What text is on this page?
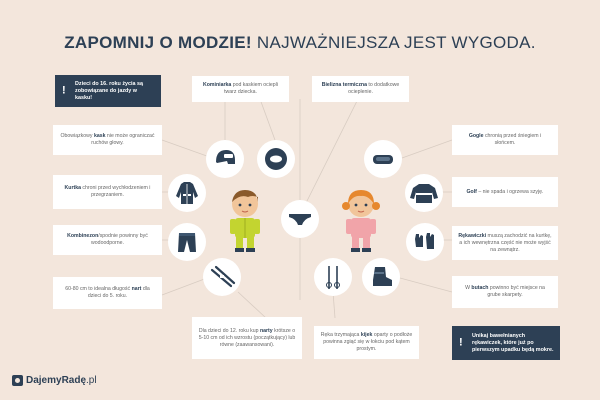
ZAPOMNIJ O MODZIE! NAJWAŻNIEJSZA JEST WYGODA.
!
Dzieci do 16. roku życia są zobowiązane do jazdy w kasku!
Obowiązkowy kask nie może ograniczać ruchów głowy.
Kurtka chroni przed wychłodzeniem i przegrzaniem.
Kombinezon/spodnie powinny być wodoodporne.
60-80 cm to idealna długość nart dla dzieci do 5. roku.
Kominiarka pod kaskiem ociepli twarz dziecka.
Bielizna termiczna to dodatkowe ocieplenie.
Dla dzieci do 12. roku kup narty krótsze o 5-10 cm od ich wzrostu (początkujący) lub równe (zaawansowani).
Ręka trzymająca kijek oparty o podłoże powinna zgiąć się w łokciu pod kątem prostym.
Gogle chronią przed śniegiem i słońcem.
Golf – nie spada i ogrzewa szyję.
Rękawiczki muszą zachodzić na kurtkę, a ich wewnętrzna część nie może wyjść na zewnątrz.
W butach powinno być miejsce na grube skarpety.
!
Unikaj bawełnianych rękawiczek, które już po pierwszym upadku będą mokre.
DajemyRadę .pl
